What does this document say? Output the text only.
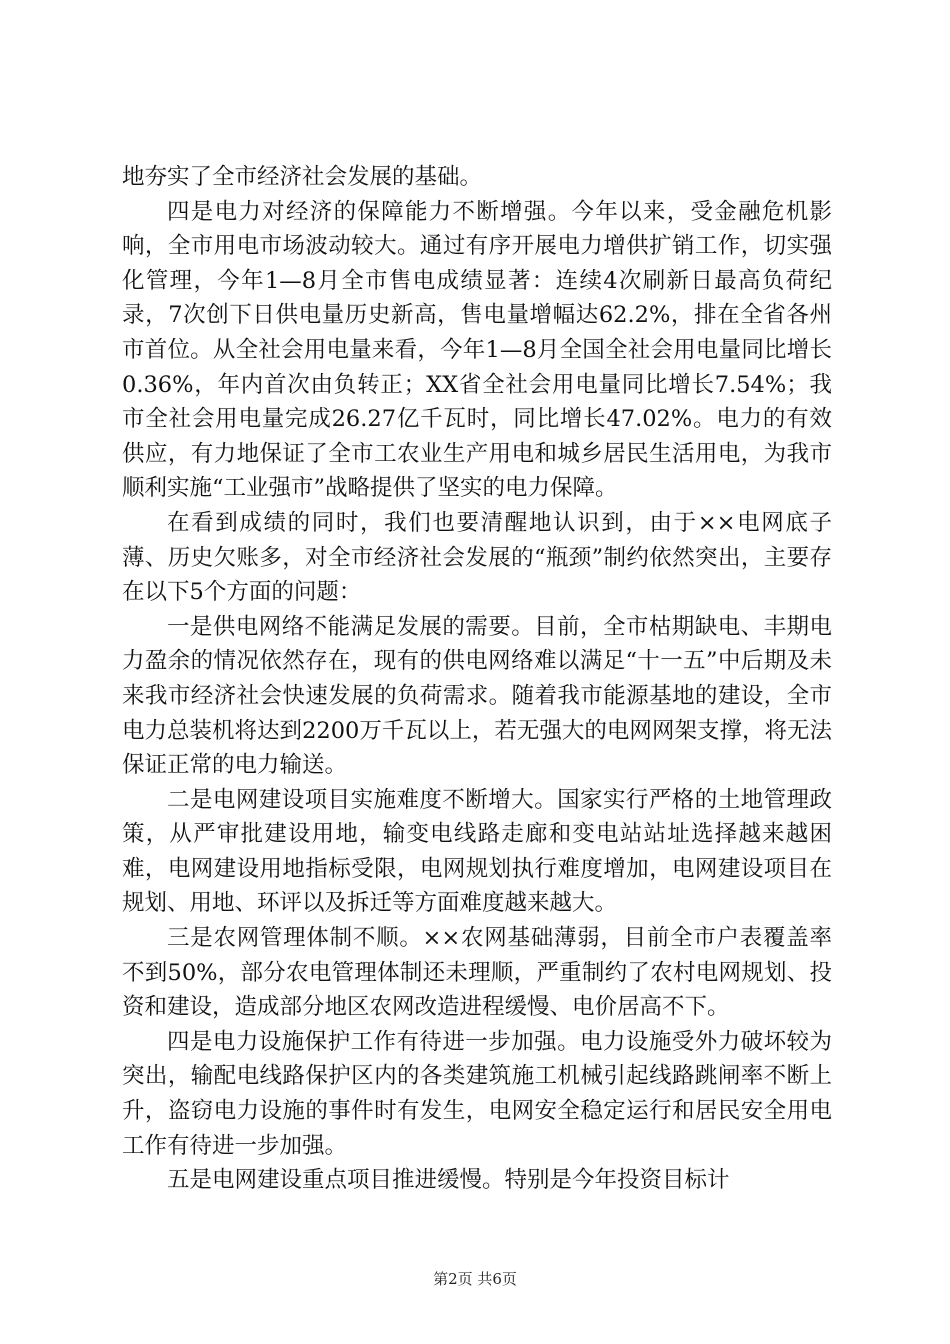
地夯实了全市经济社会发展的基础。

四是电力对经济的保障能力不断增强。今年以来，受金融危机影响，全市用电市场波动较大。通过有序开展电力增供扩销工作，切实强化管理，今年1—8月全市售电成绩显著：连续4次刷新日最高负荷纪录，7次创下日供电量历史新高，售电量增幅达62.2%，排在全省各州市首位。从全社会用电量来看，今年1—8月全国全社会用电量同比增长0.36%，年内首次由负转正；XX省全社会用电量同比增长7.54%；我市全社会用电量完成26.27亿千瓦时，同比增长47.02%。电力的有效供应，有力地保证了全市工农业生产用电和城乡居民生活用电，为我市顺利实施“工业强市”战略提供了坚实的电力保障。

在看到成绩的同时，我们也要清醒地认识到，由于××电网底子薄、历史欠账多，对全市经济社会发展的“瓶颈”制约依然突出，主要存在以下5个方面的问题：

一是供电网络不能满足发展的需要。目前，全市枯期缺电、丰期电力盈余的情况依然存在，现有的供电网络难以满足“十一五”中后期及未来我市经济社会快速发展的负荷需求。随着我市能源基地的建设，全市电力总装机将达到2200万千瓦以上，若无强大的电网网架支撑，将无法保证正常的电力输送。

二是电网建设项目实施难度不断增大。国家实行严格的土地管理政策，从严审批建设用地，输变电线路走廊和变电站站址选择越来越困难，电网建设用地指标受限，电网规划执行难度增加，电网建设项目在规划、用地、环评以及拆迁等方面难度越来越大。

三是农网管理体制不顺。××农网基础薄弱，目前全市户表覆盖率不到50%，部分农电管理体制还未理顺，严重制约了农村电网规划、投资和建设，造成部分地区农网改造进程缓慢、电价居高不下。

四是电力设施保护工作有待进一步加强。电力设施受外力破坏较为突出，输配电线路保护区内的各类建筑施工机械引起线路跳闸率不断上升，盗窃电力设施的事件时有发生，电网安全稳定运行和居民安全用电工作有待进一步加强。

五是电网建设重点项目推进缓慢。特别是今年投资目标计

第2页 共6页
